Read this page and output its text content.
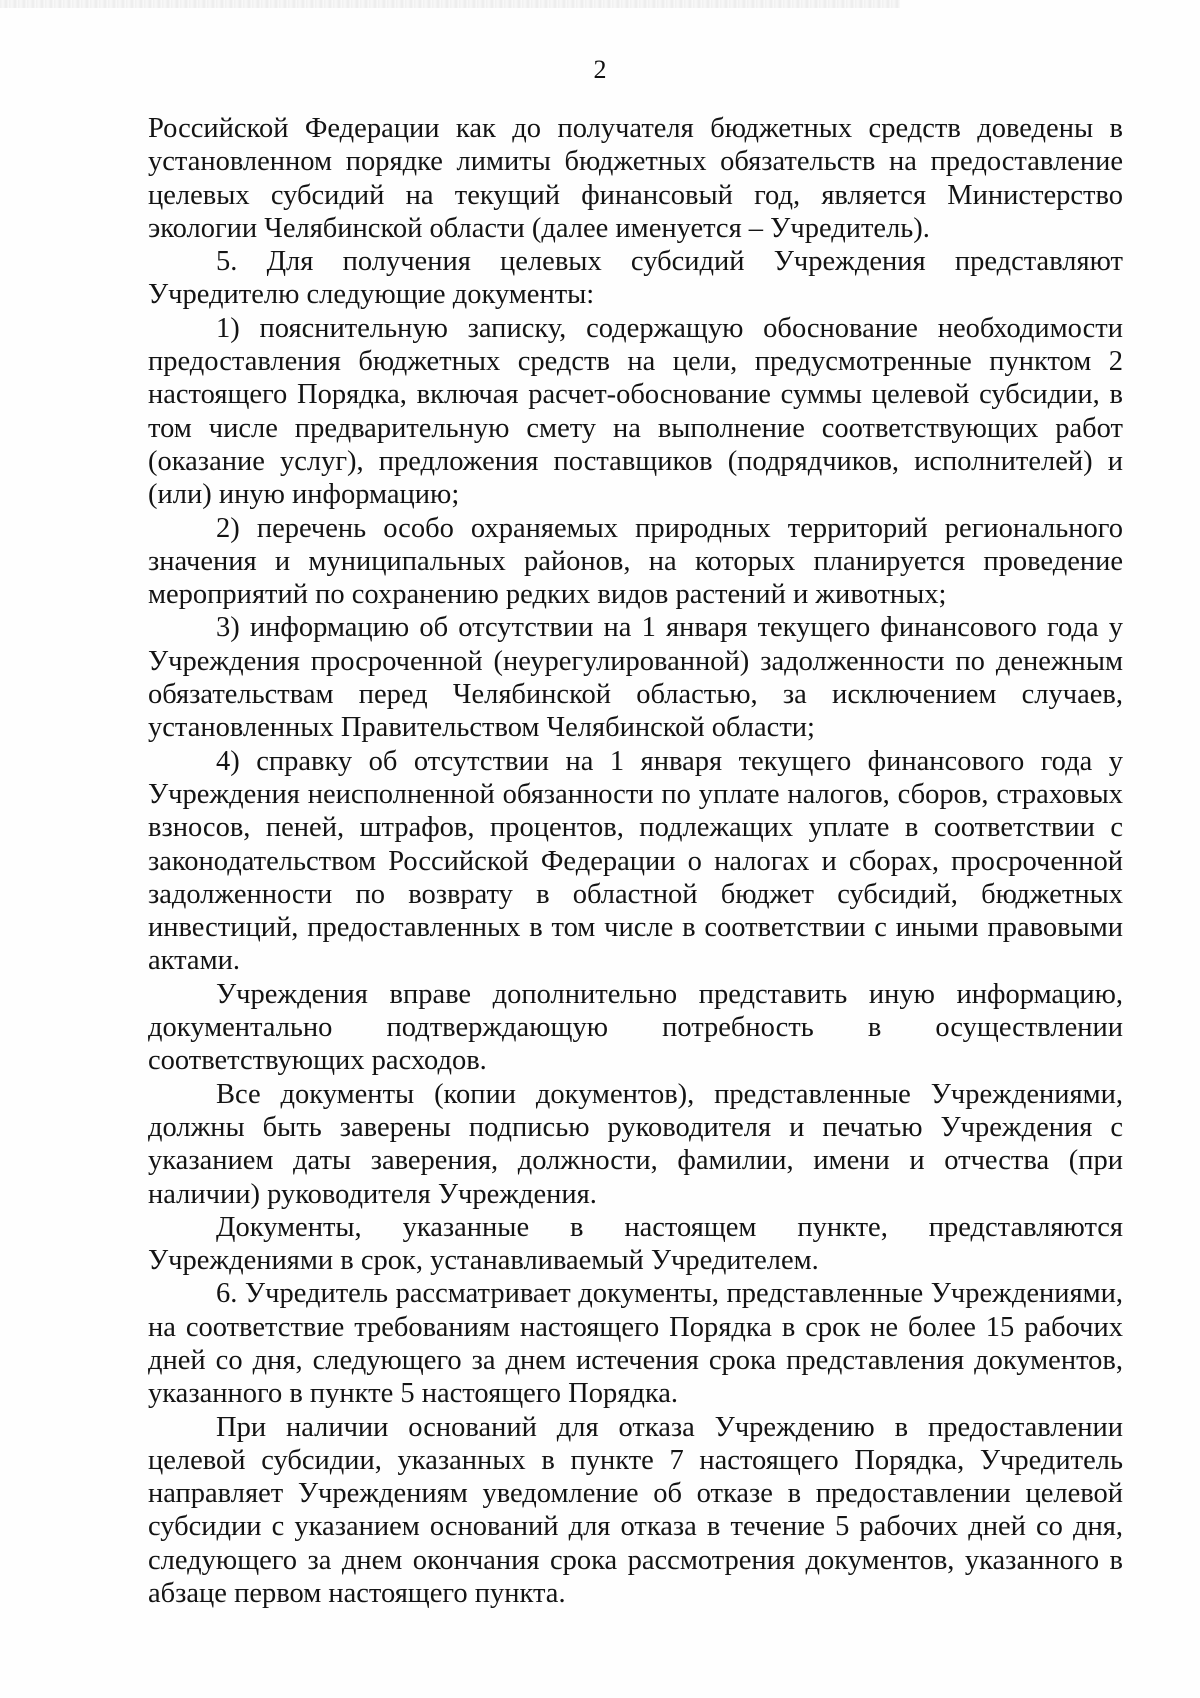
2

Российской Федерации как до получателя бюджетных средств доведены в установленном порядке лимиты бюджетных обязательств на предоставление целевых субсидий на текущий финансовый год, является Министерство экологии Челябинской области (далее именуется – Учредитель).

5. Для получения целевых субсидий Учреждения представляют Учредителю следующие документы:

1) пояснительную записку, содержащую обоснование необходимости предоставления бюджетных средств на цели, предусмотренные пунктом 2 настоящего Порядка, включая расчет-обоснование суммы целевой субсидии, в том числе предварительную смету на выполнение соответствующих работ (оказание услуг), предложения поставщиков (подрядчиков, исполнителей) и (или) иную информацию;

2) перечень особо охраняемых природных территорий регионального значения и муниципальных районов, на которых планируется проведение мероприятий по сохранению редких видов растений и животных;

3) информацию об отсутствии на 1 января текущего финансового года у Учреждения просроченной (неурегулированной) задолженности по денежным обязательствам перед Челябинской областью, за исключением случаев, установленных Правительством Челябинской области;

4) справку об отсутствии на 1 января текущего финансового года у Учреждения неисполненной обязанности по уплате налогов, сборов, страховых взносов, пеней, штрафов, процентов, подлежащих уплате в соответствии с законодательством Российской Федерации о налогах и сборах, просроченной задолженности по возврату в областной бюджет субсидий, бюджетных инвестиций, предоставленных в том числе в соответствии с иными правовыми актами.

Учреждения вправе дополнительно представить иную информацию, документально подтверждающую потребность в осуществлении соответствующих расходов.

Все документы (копии документов), представленные Учреждениями, должны быть заверены подписью руководителя и печатью Учреждения с указанием даты заверения, должности, фамилии, имени и отчества (при наличии) руководителя Учреждения.

Документы, указанные в настоящем пункте, представляются Учреждениями в срок, устанавливаемый Учредителем.

6. Учредитель рассматривает документы, представленные Учреждениями, на соответствие требованиям настоящего Порядка в срок не более 15 рабочих дней со дня, следующего за днем истечения срока представления документов, указанного в пункте 5 настоящего Порядка.

При наличии оснований для отказа Учреждению в предоставлении целевой субсидии, указанных в пункте 7 настоящего Порядка, Учредитель направляет Учреждениям уведомление об отказе в предоставлении целевой субсидии с указанием оснований для отказа в течение 5 рабочих дней со дня, следующего за днем окончания срока рассмотрения документов, указанного в абзаце первом настоящего пункта.
